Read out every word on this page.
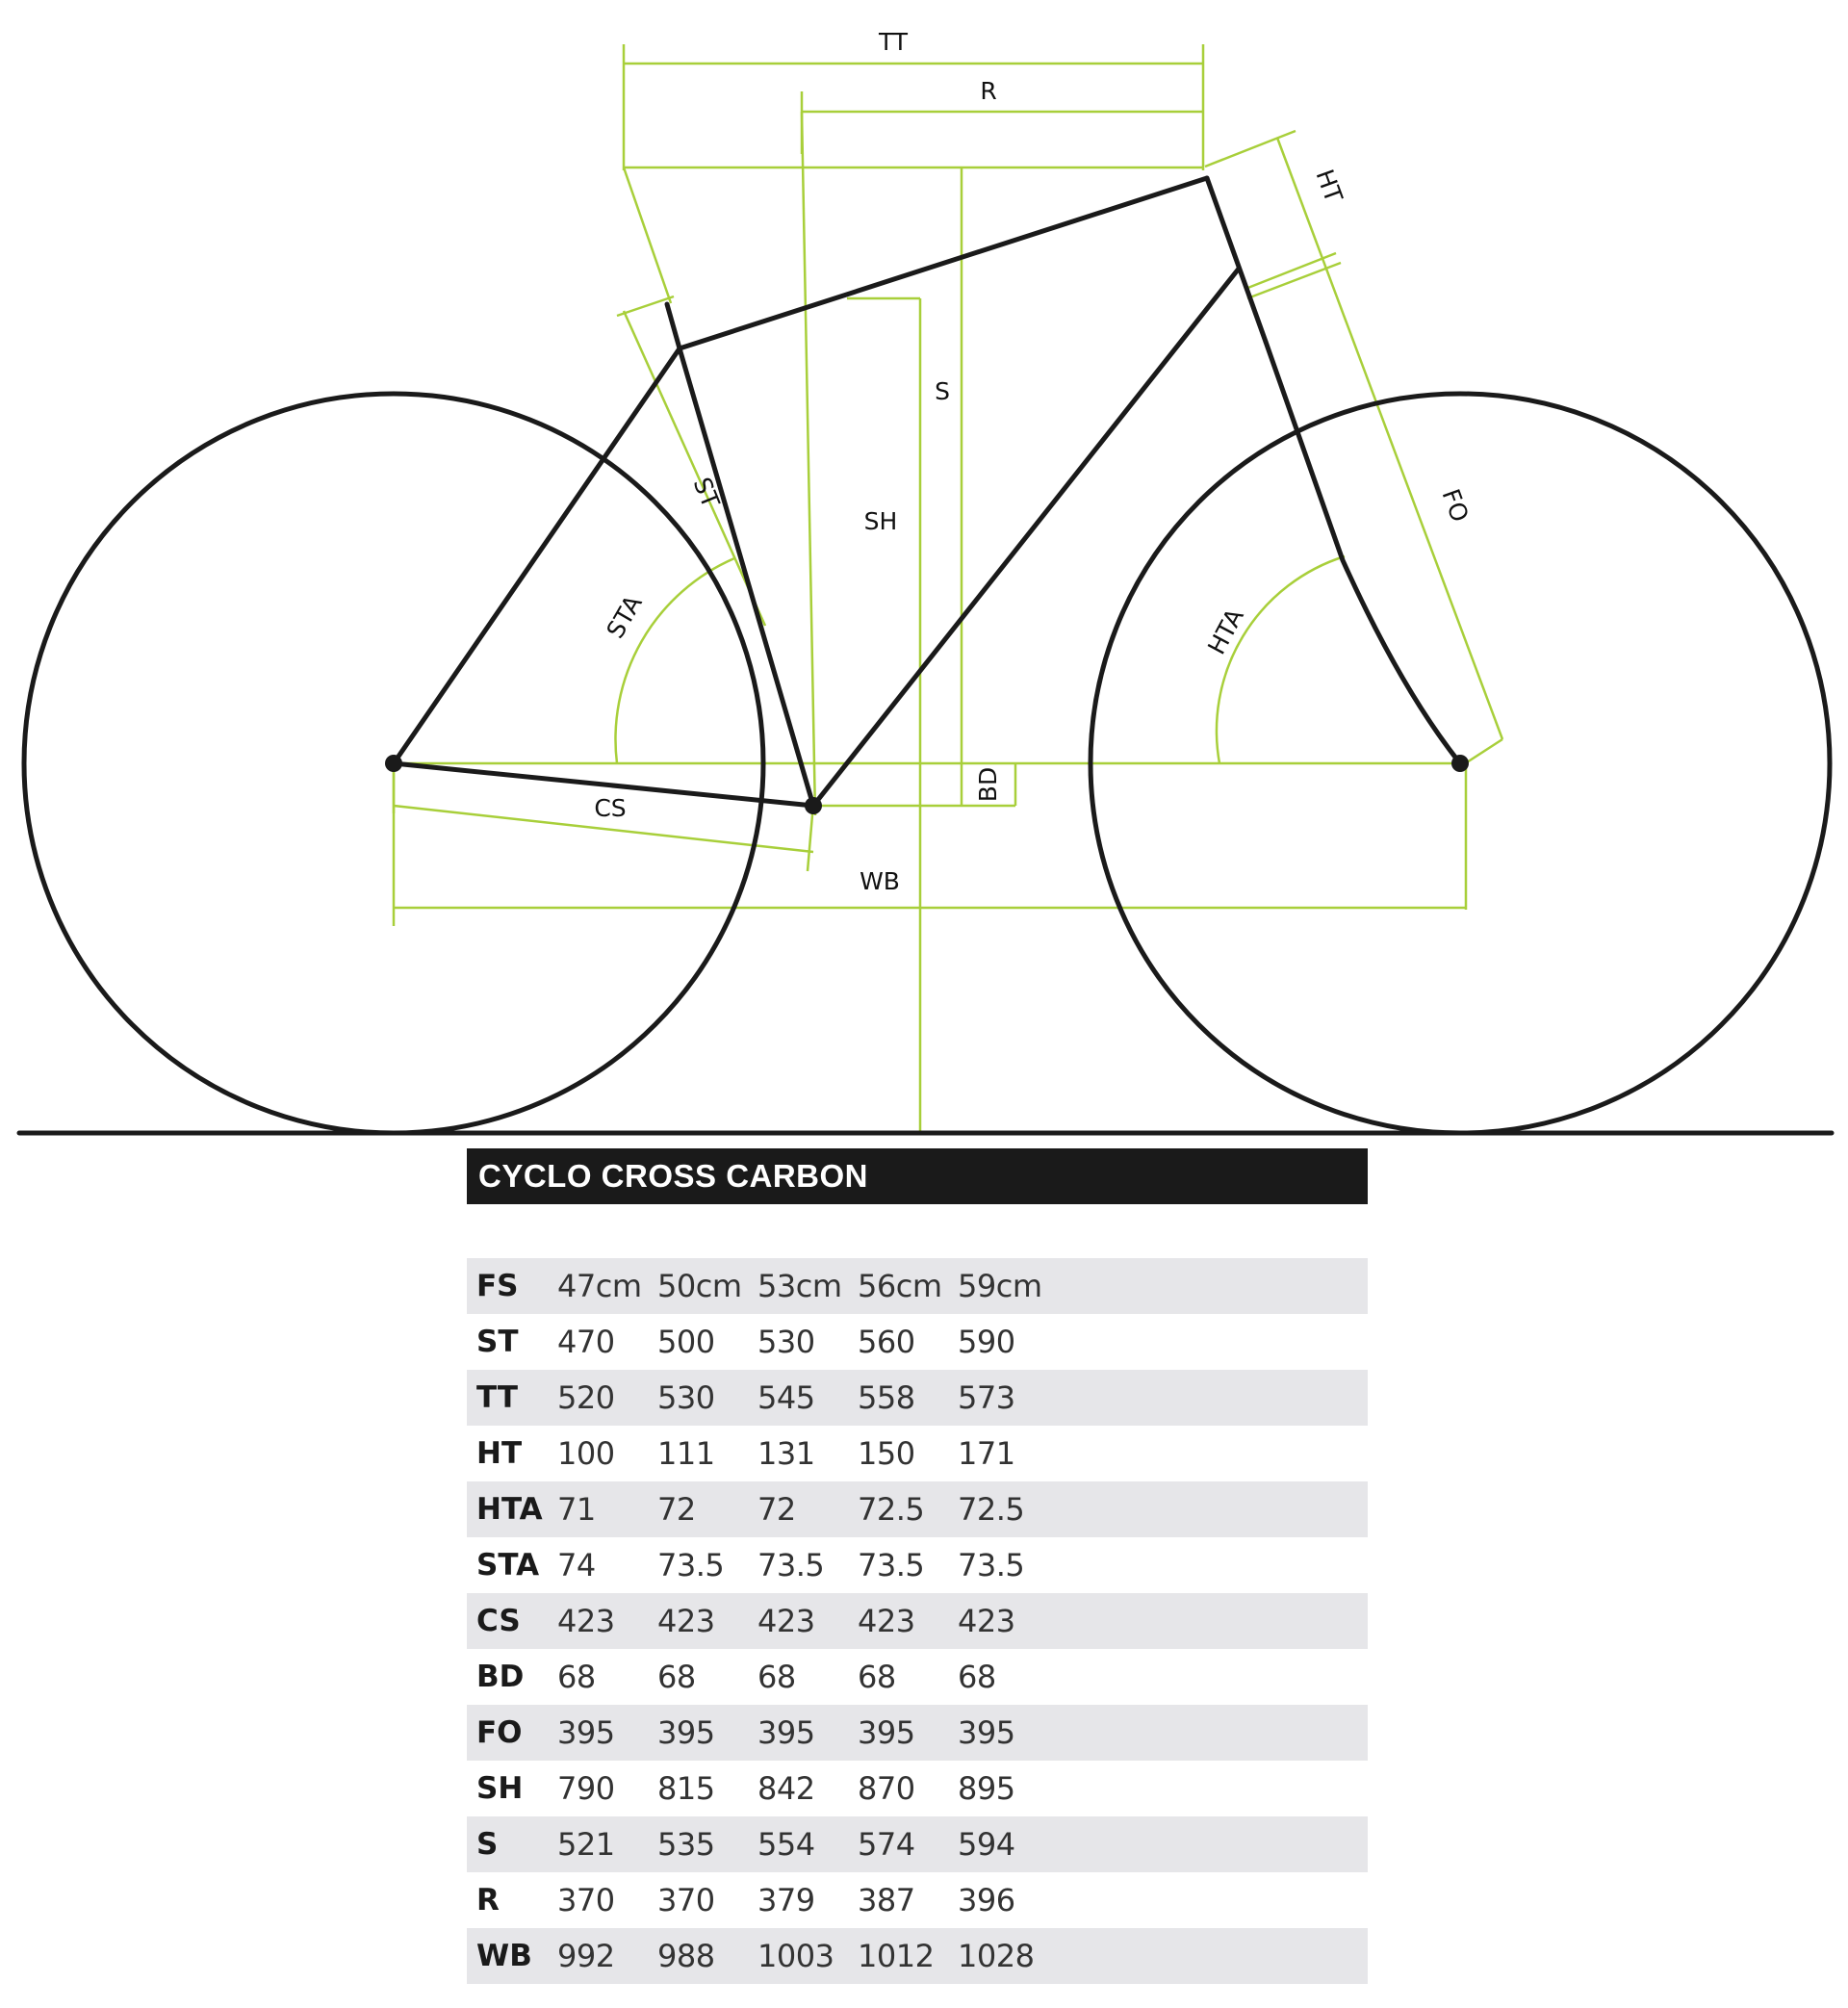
TT
R
HT
S
SH
ST
STA	HTA
FO
CS
BD
WB
CYCLO CROSS CARBON
FS	47cm 50cm 53cm 56cm 59cm
ST	470	500	530	560	590
TT	520	530	545	558	573
HT	100	111	131	150	171
HTA 71	72	72	72.5	72.5
STA 74	73.5	73.5	73.5	73.5
CS	423	423	423	423	423
BD	68	68	68	68	68
FO	395	395	395	395	395
SH	790	815	842	870	895
S	521	535	554	574	594
R	370	370	379	387	396
WB 992	988	1003 1012 1028
